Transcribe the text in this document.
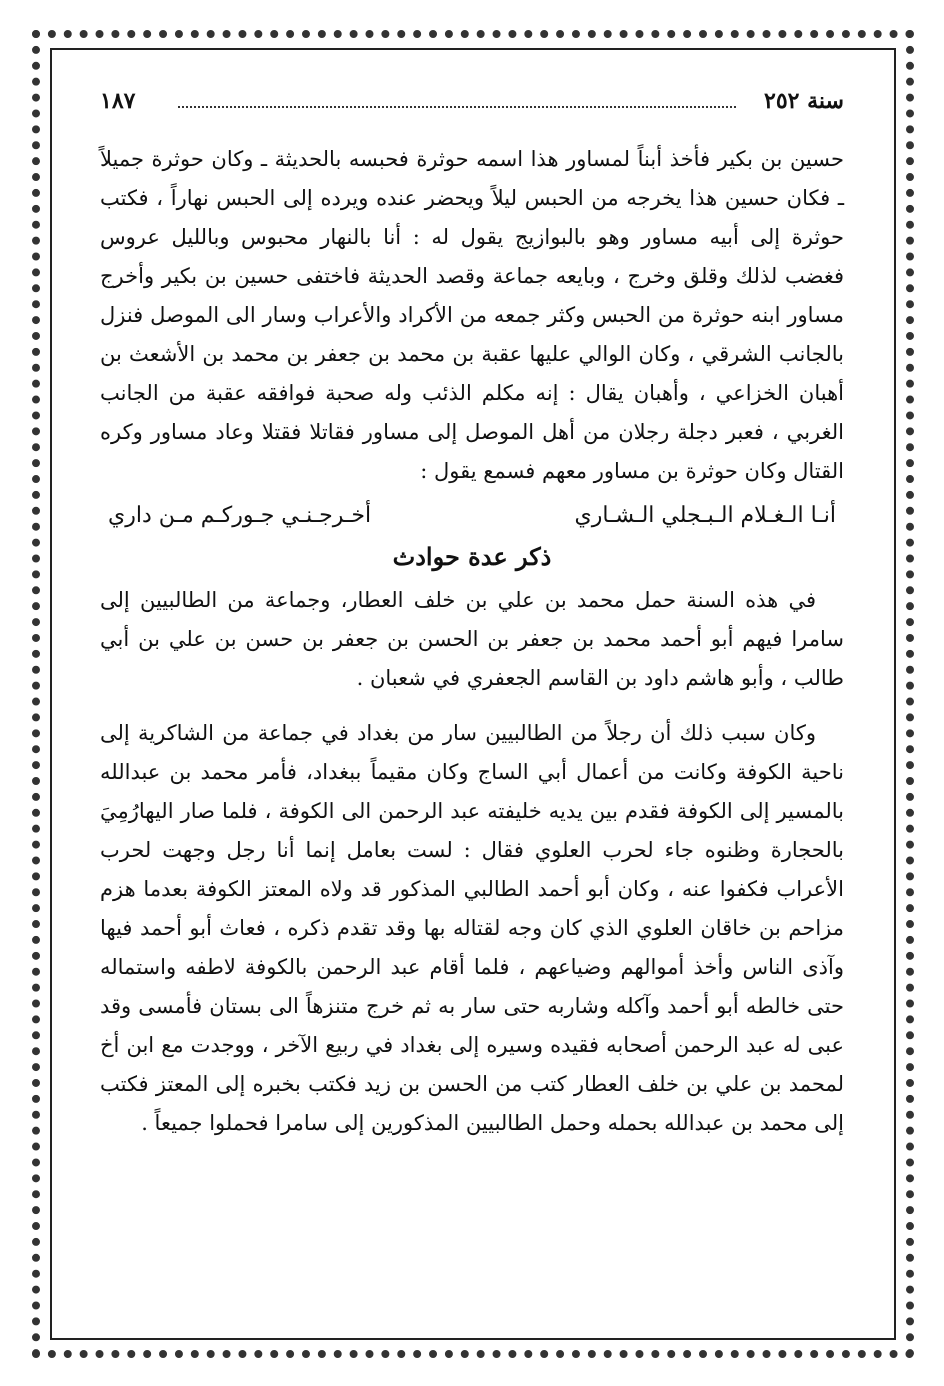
سنة ٢٥٢
١٨٧

حسين بن بكير فأخذ أبناً لمساور هذا اسمه حوثرة فحبسه بالحديثة ـ وكان حوثرة جميلاً ـ فكان حسين هذا يخرجه من الحبس ليلاً ويحضر عنده ويرده إلى الحبس نهاراً ، فكتب حوثرة إلى أبيه مساور وهو بالبوازيج يقول له : أنا بالنهار محبوس وبالليل عروس فغضب لذلك وقلق وخرج ، وبايعه جماعة وقصد الحديثة فاختفى حسين بن بكير وأخرج مساور ابنه حوثرة من الحبس وكثر جمعه من الأكراد والأعراب وسار الى الموصل فنزل بالجانب الشرقي ، وكان الوالي عليها عقبة بن محمد بن جعفر بن محمد بن الأشعث بن أهبان الخزاعي ، وأهبان يقال : إنه مكلم الذئب وله صحبة فوافقه عقبة من الجانب الغربي ، فعبر دجلة رجلان من أهل الموصل إلى مساور فقاتلا فقتلا وعاد مساور وكره القتال وكان حوثرة بن مساور معهم فسمع يقول :

أنـا الـغـلام الـبـجلي الـشـاري
أخـرجـنـي جـوركـم مـن داري
ذكر عدة حوادث

في هذه السنة حمل محمد بن علي بن خلف العطار، وجماعة من الطالبيين إلى سامرا فيهم أبو أحمد محمد بن جعفر بن الحسن بن جعفر بن حسن بن علي بن أبي طالب ، وأبو هاشم داود بن القاسم الجعفري في شعبان .

وكان سبب ذلك أن رجلاً من الطالبيين سار من بغداد في جماعة من الشاكرية إلى ناحية الكوفة وكانت من أعمال أبي الساج وكان مقيماً ببغداد، فأمر محمد بن عبدالله بالمسير إلى الكوفة فقدم بين يديه خليفته عبد الرحمن الى الكوفة ، فلما صار اليهارُمِيَ بالحجارة وظنوه جاء لحرب العلوي فقال : لست بعامل إنما أنا رجل وجهت لحرب الأعراب فكفوا عنه ، وكان أبو أحمد الطالبي المذكور قد ولاه المعتز الكوفة بعدما هزم مزاحم بن خاقان العلوي الذي كان وجه لقتاله بها وقد تقدم ذكره ، فعاث أبو أحمد فيها وآذى الناس وأخذ أموالهم وضياعهم ، فلما أقام عبد الرحمن بالكوفة لاطفه واستماله حتى خالطه أبو أحمد وآكله وشاربه حتى سار به ثم خرج متنزهاً الى بستان فأمسى وقد عبى له عبد الرحمن أصحابه فقيده وسيره إلى بغداد في ربيع الآخر ، ووجدت مع ابن أخ لمحمد بن علي بن خلف العطار كتب من الحسن بن زيد فكتب بخبره إلى المعتز فكتب إلى محمد بن عبدالله بحمله وحمل الطالبيين المذكورين إلى سامرا فحملوا جميعاً .
